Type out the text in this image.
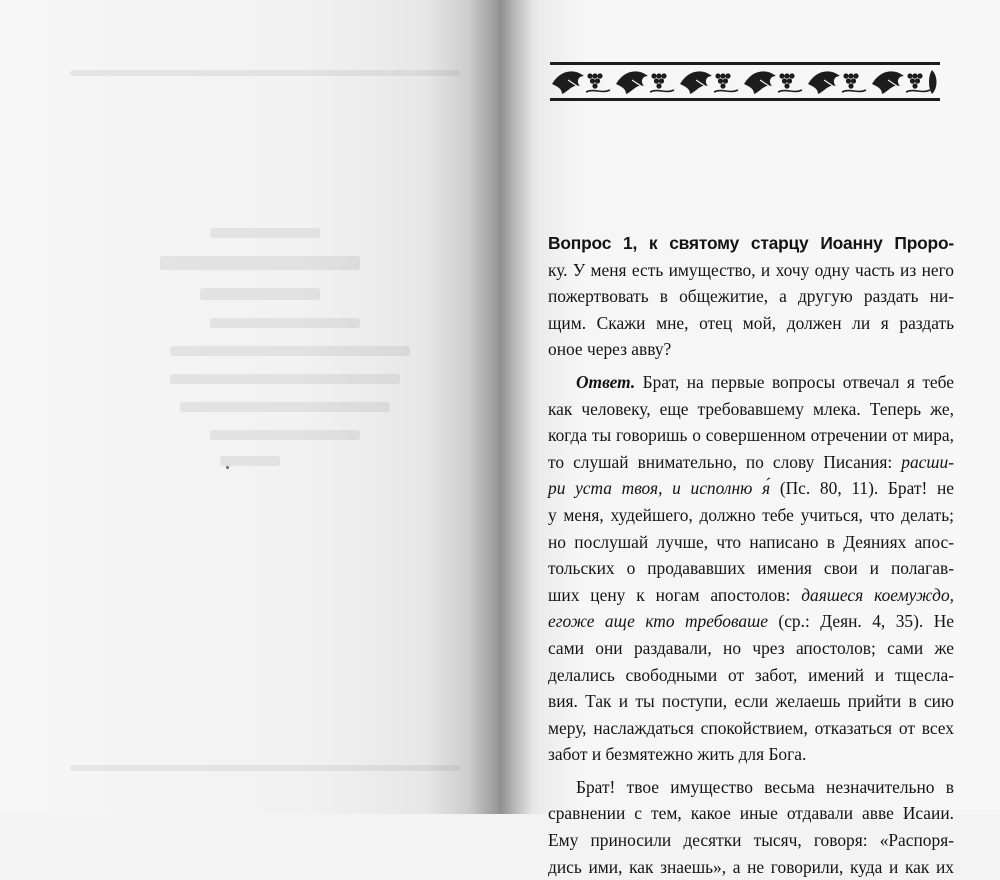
Вопрос 1, к святому старцу Иоанну Проро-
ку. У меня есть имущество, и хочу одну часть из него
пожертвовать в общежитие, а другую раздать ни-
щим. Скажи мне, отец мой, должен ли я раздать
оное через авву?
Ответ. Брат, на первые вопросы отвечал я тебе
как человеку, еще требовавшему млека. Теперь же,
когда ты говоришь о совершенном отречении от мира,
то слушай внимательно, по слову Писания: расши-
ри уста твоя, и исполню я́ (Пс. 80, 11). Брат! не
у меня, худейшего, должно тебе учиться, что делать;
но послушай лучше, что написано в Деяниях апос-
тольских о продававших имения свои и полагав-
ших цену к ногам апостолов: даяшеся коемуждо,
егоже аще кто требоваше (ср.: Деян. 4, 35). Не
сами они раздавали, но чрез апостолов; сами же
делались свободными от забот, имений и тщесла-
вия. Так и ты поступи, если желаешь прийти в сию
меру, наслаждаться спокойствием, отказаться от всех
забот и безмятежно жить для Бога.
Брат! твое имущество весьма незначительно в
сравнении с тем, какое иные отдавали авве Исаии.
Ему приносили десятки тысяч, говоря: «Распоря-
дись ими, как знаешь», а не говорили, куда и как их
